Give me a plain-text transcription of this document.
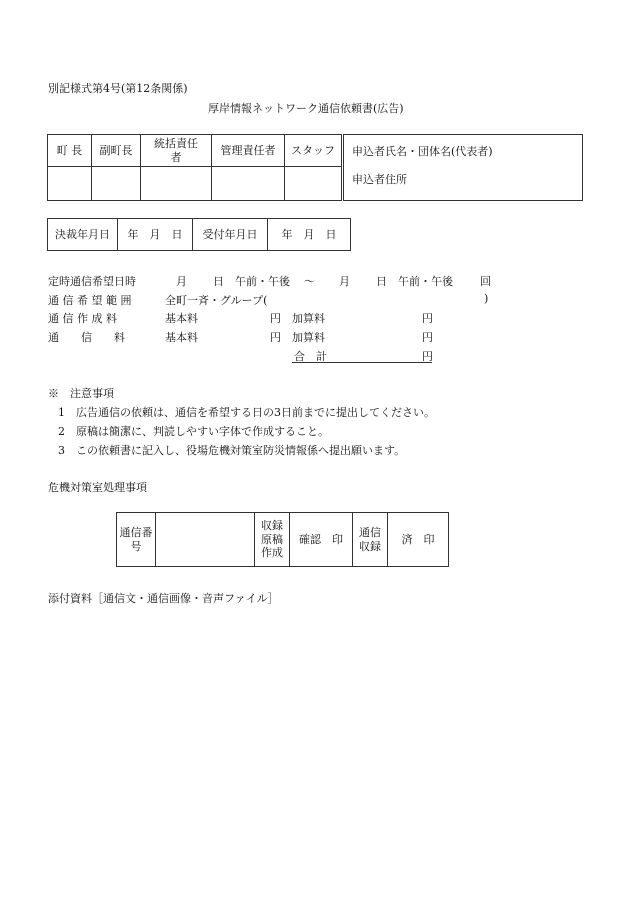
別記様式第4号(第12条関係)
厚岸情報ネットワーク通信依頼書(広告)
町 長	副町長	統括責任者	管理責任者	スタッフ	申込者氏名・団体名(代表者)
申込者住所

決裁年月日	年　月　日	受付年月日	年　月　日
定時通信希望日時	月 日 午前・午後 〜 月 日 午前・午後 回
通 信 希 望 範 囲	全町一斉・グループ(	)
通 信 作 成 料	基本料	円 加算料	円
通　　信　　料	基本料	円 加算料	円
合　計	円
※　注意事項
1　広告通信の依頼は、通信を希望する日の3日前までに提出してください。
2　原稿は簡潔に、判読しやすい字体で作成すること。
3　この依頼書に記入し、役場危機対策室防災情報係へ提出願います。
危機対策室処理事項
通信番号		収録原稿作成	確認　印	通信収録	済　印
添付資料［通信文・通信画像・音声ファイル］
